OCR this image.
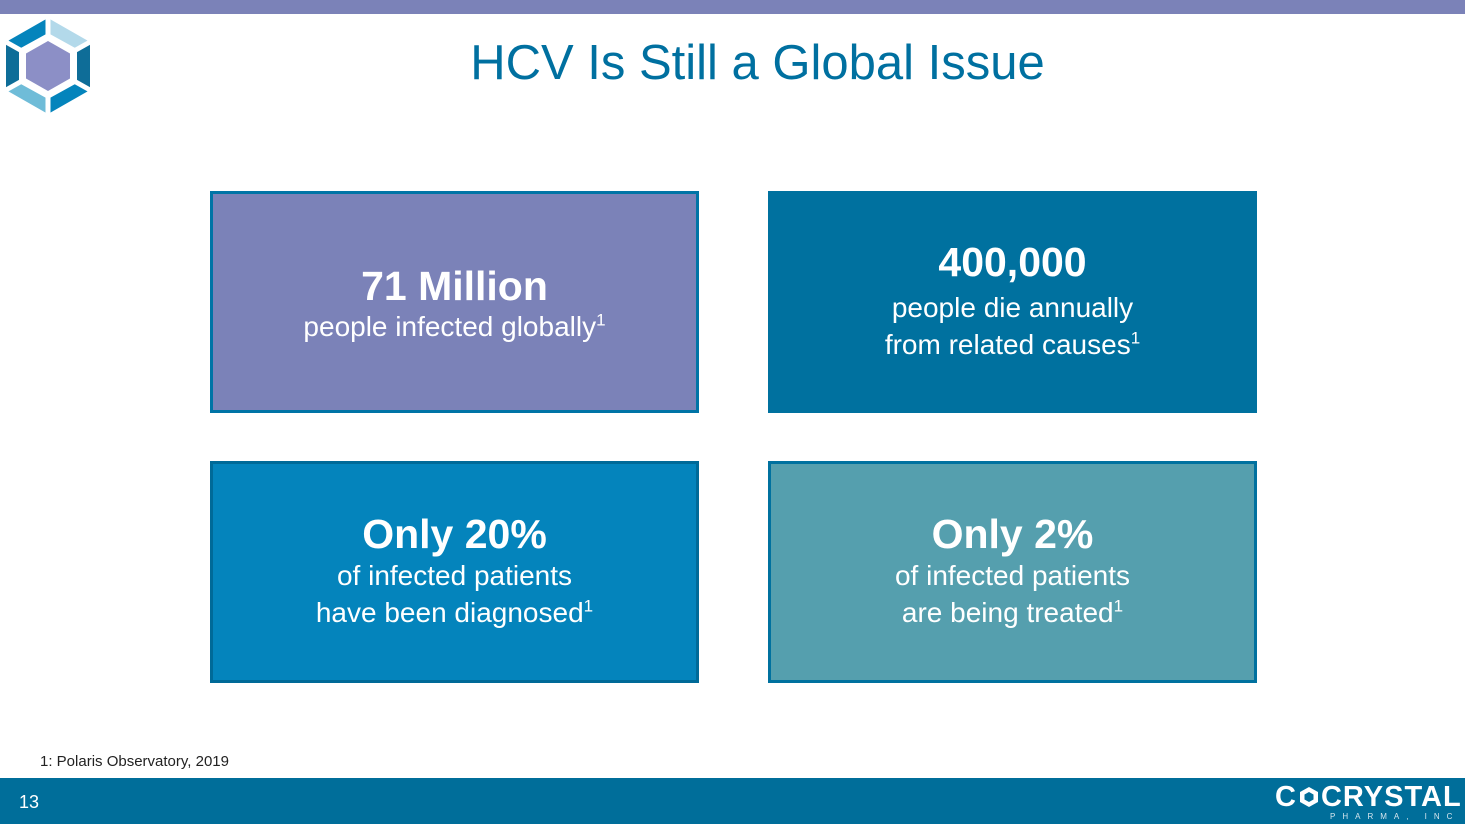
HCV Is Still a Global Issue
71 Million
people infected globally$^1$
400,000
people die annually
from related causes$^1$
Only 20%
of infected patients
have been diagnosed$^1$
Only 2%
of infected patients
are being treated$^1$
1: Polaris Observatory, 2019
13	C CRYSTAL
PHARMA, INC
